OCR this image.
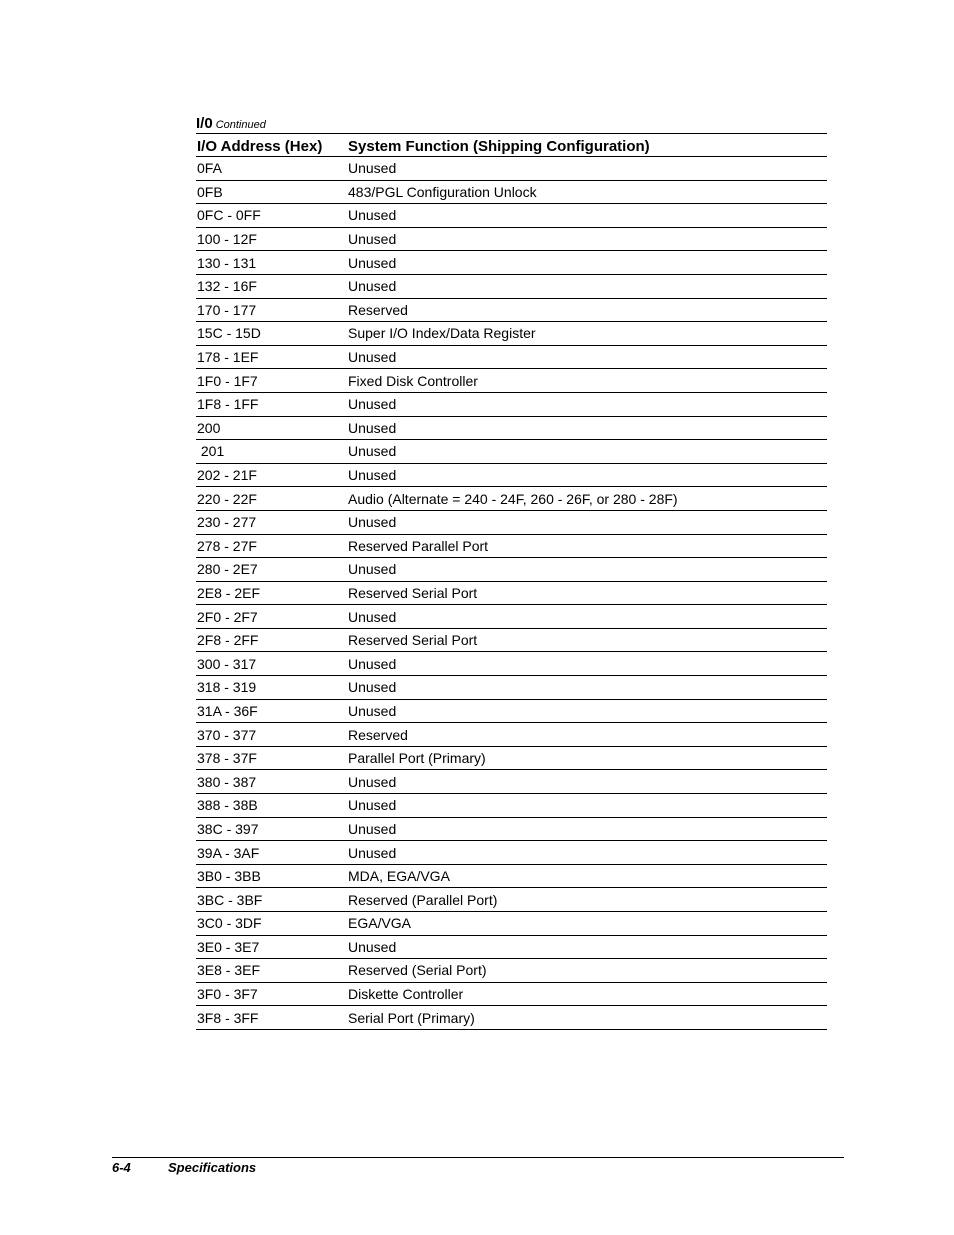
I/0 Continued
I/O Address (Hex)	System Function (Shipping Configuration)
0FA	Unused
0FB	483/PGL Configuration Unlock
0FC - 0FF	Unused
100 - 12F	Unused
130 - 131	Unused
132 - 16F	Unused
170 - 177	Reserved
15C - 15D	Super I/O Index/Data Register
178 - 1EF	Unused
1F0 - 1F7	Fixed Disk Controller
1F8 - 1FF	Unused
200	Unused
201	Unused
202 - 21F	Unused
220 - 22F	Audio (Alternate = 240 - 24F, 260 - 26F, or 280 - 28F)
230 - 277	Unused
278 - 27F	Reserved Parallel Port
280 - 2E7	Unused
2E8 - 2EF	Reserved Serial Port
2F0 - 2F7	Unused
2F8 - 2FF	Reserved Serial Port
300 - 317	Unused
318 - 319	Unused
31A - 36F	Unused
370 - 377	Reserved
378 - 37F	Parallel Port (Primary)
380 - 387	Unused
388 - 38B	Unused
38C - 397	Unused
39A - 3AF	Unused
3B0 - 3BB	MDA, EGA/VGA
3BC - 3BF	Reserved (Parallel Port)
3C0 - 3DF	EGA/VGA
3E0 - 3E7	Unused
3E8 - 3EF	Reserved (Serial Port)
3F0 - 3F7	Diskette Controller
3F8 - 3FF	Serial Port (Primary)
6-4	Specifications
